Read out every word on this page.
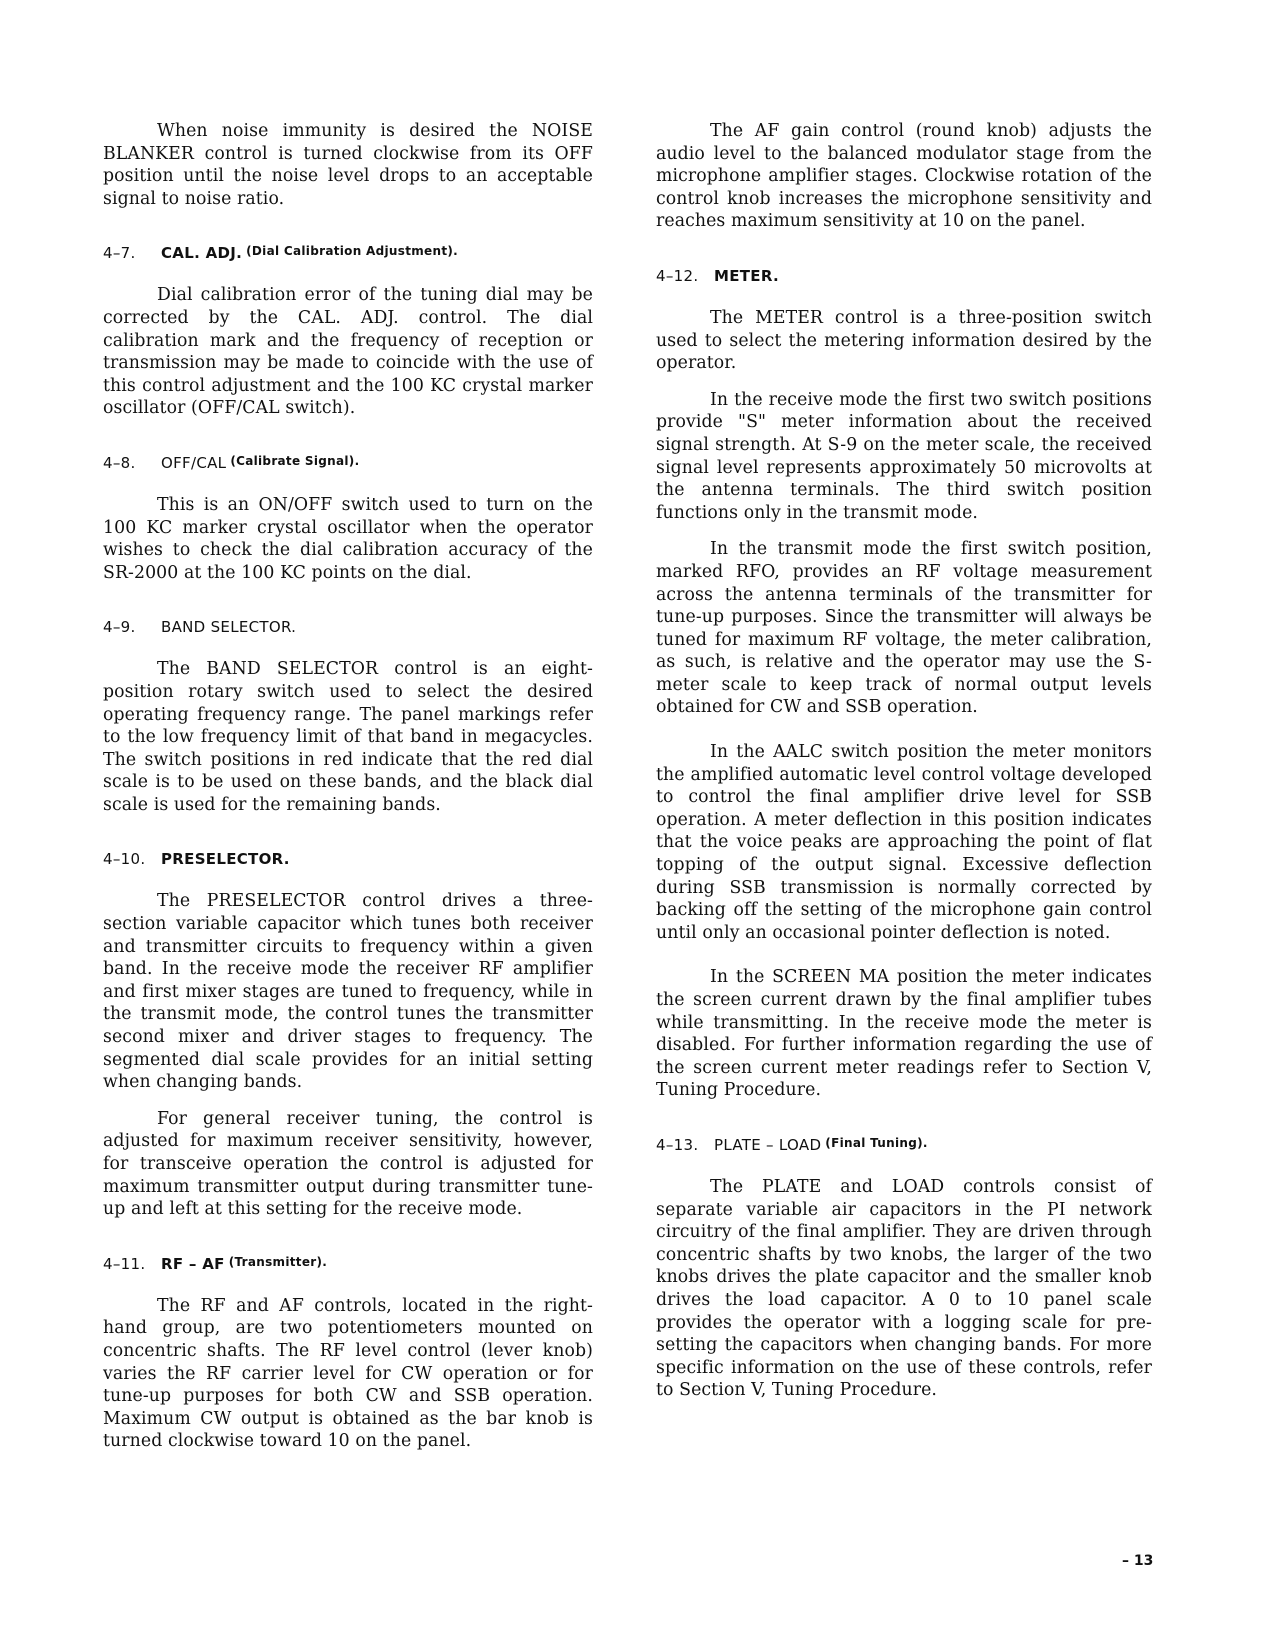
When noise immunity is desired the NOISE BLANKER control is turned clockwise from its OFF position until the noise level drops to an acceptable signal to noise ratio.

4–7.	CAL. ADJ. (Dial Calibration Adjustment).

Dial calibration error of the tuning dial may be corrected by the CAL. ADJ. control. The dial calibration mark and the frequency of reception or transmission may be made to coincide with the use of this control adjustment and the 100 KC crystal marker oscillator (OFF/CAL switch).

4–8.	OFF/CAL (Calibrate Signal).

This is an ON/OFF switch used to turn on the 100 KC marker crystal oscillator when the operator wishes to check the dial calibration accuracy of the SR-2000 at the 100 KC points on the dial.

4–9.	BAND SELECTOR.

The BAND SELECTOR control is an eight-position rotary switch used to select the desired operating frequency range. The panel markings refer to the low frequency limit of that band in megacycles. The switch positions in red indicate that the red dial scale is to be used on these bands, and the black dial scale is used for the remaining bands.

4–10.	PRESELECTOR.

The PRESELECTOR control drives a three-section variable capacitor which tunes both receiver and transmitter circuits to frequency within a given band. In the receive mode the receiver RF amplifier and first mixer stages are tuned to frequency, while in the transmit mode, the control tunes the transmitter second mixer and driver stages to frequency. The segmented dial scale provides for an initial setting when changing bands.

For general receiver tuning, the control is adjusted for maximum receiver sensitivity, however, for transceive operation the control is adjusted for maximum transmitter output during transmitter tune-up and left at this setting for the receive mode.

4–11.	RF – AF (Transmitter).

The RF and AF controls, located in the right-hand group, are two potentiometers mounted on concentric shafts. The RF level control (lever knob) varies the RF carrier level for CW operation or for tune-up purposes for both CW and SSB operation. Maximum CW output is obtained as the bar knob is turned clockwise toward 10 on the panel.

The AF gain control (round knob) adjusts the audio level to the balanced modulator stage from the microphone amplifier stages. Clockwise rotation of the control knob increases the microphone sensitivity and reaches maximum sensitivity at 10 on the panel.

4–12.	METER.

The METER control is a three-position switch used to select the metering information desired by the operator.

In the receive mode the first two switch positions provide "S" meter information about the received signal strength. At S-9 on the meter scale, the received signal level represents approximately 50 microvolts at the antenna terminals. The third switch position functions only in the transmit mode.

In the transmit mode the first switch position, marked RFO, provides an RF voltage measurement across the antenna terminals of the transmitter for tune-up purposes. Since the transmitter will always be tuned for maximum RF voltage, the meter calibration, as such, is relative and the operator may use the S-meter scale to keep track of normal output levels obtained for CW and SSB operation.

In the AALC switch position the meter monitors the amplified automatic level control voltage developed to control the final amplifier drive level for SSB operation. A meter deflection in this position indicates that the voice peaks are approaching the point of flat topping of the output signal. Excessive deflection during SSB transmission is normally corrected by backing off the setting of the microphone gain control until only an occasional pointer deflection is noted.

In the SCREEN MA position the meter indicates the screen current drawn by the final amplifier tubes while transmitting. In the receive mode the meter is disabled. For further information regarding the use of the screen current meter readings refer to Section V, Tuning Procedure.

4–13.	PLATE – LOAD (Final Tuning).

The PLATE and LOAD controls consist of separate variable air capacitors in the PI network circuitry of the final amplifier. They are driven through concentric shafts by two knobs, the larger of the two knobs drives the plate capacitor and the smaller knob drives the load capacitor. A 0 to 10 panel scale provides the operator with a logging scale for pre-setting the capacitors when changing bands. For more specific information on the use of these controls, refer to Section V, Tuning Procedure.

– 13
